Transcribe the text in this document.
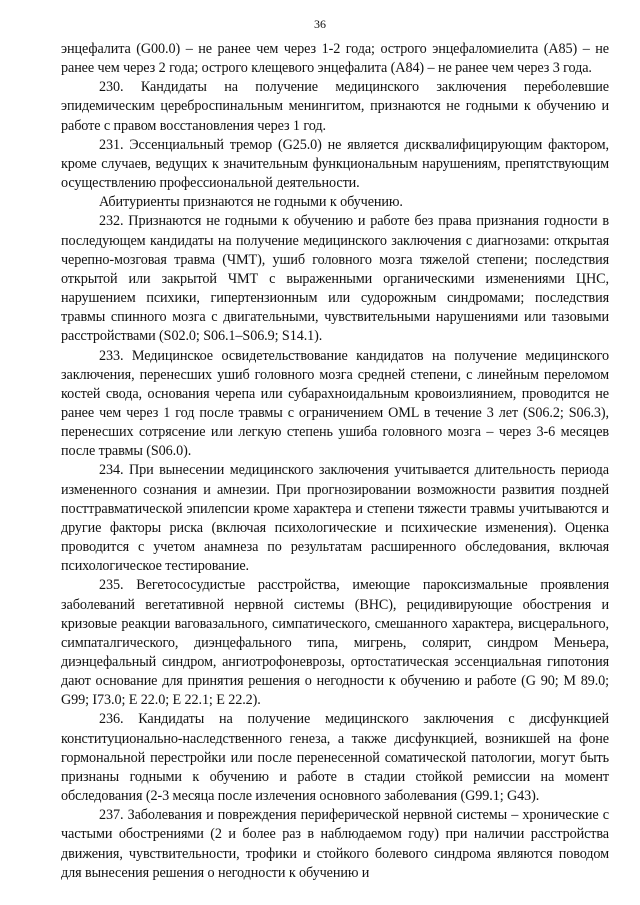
36

энцефалита (G00.0) – не ранее чем через 1-2 года; острого энцефаломиелита (A85) – не ранее чем через 2 года; острого клещевого энцефалита (A84) – не ранее чем через 3 года.

230. Кандидаты на получение медицинского заключения переболевшие эпидемическим цереброспинальным менингитом, признаются не годными к обучению и работе с правом восстановления через 1 год.

231. Эссенциальный тремор (G25.0) не является дисквалифицирующим фактором, кроме случаев, ведущих к значительным функциональным нарушениям, препятствующим осуществлению профессиональной деятельности.

Абитуриенты признаются не годными к обучению.

232. Признаются не годными к обучению и работе без права признания годности в последующем кандидаты на получение медицинского заключения с диагнозами: открытая черепно-мозговая травма (ЧМТ), ушиб головного мозга тяжелой степени; последствия открытой или закрытой ЧМТ с выраженными органическими изменениями ЦНС, нарушением психики, гипертензионным или судорожным синдромами; последствия травмы спинного мозга с двигательными, чувствительными нарушениями или тазовыми расстройствами (S02.0; S06.1–S06.9; S14.1).

233. Медицинское освидетельствование кандидатов на получение медицинского заключения, перенесших ушиб головного мозга средней степени, с линейным переломом костей свода, основания черепа или субарахноидальным кровоизлиянием, проводится не ранее чем через 1 год после травмы с ограничением OML в течение 3 лет (S06.2; S06.3), перенесших сотрясение или легкую степень ушиба головного мозга – через 3-6 месяцев после травмы (S06.0).

234. При вынесении медицинского заключения учитывается длительность периода измененного сознания и амнезии. При прогнозировании возможности развития поздней посттравматической эпилепсии кроме характера и степени тяжести травмы учитываются и другие факторы риска (включая психологические и психические изменения). Оценка проводится с учетом анамнеза по результатам расширенного обследования, включая психологическое тестирование.

235. Вегетососудистые расстройства, имеющие пароксизмальные проявления заболеваний вегетативной нервной системы (ВНС), рецидивирующие обострения и кризовые реакции ваговазального, симпатического, смешанного характера, висцерального, симпаталгического, диэнцефального типа, мигрень, солярит, синдром Меньера, диэнцефальный синдром, ангиотрофоневрозы, ортостатическая эссенциальная гипотония дают основание для принятия решения о негодности к обучению и работе (G 90; M 89.0; G99; I73.0; E 22.0; E 22.1; E 22.2).

236. Кандидаты на получение медицинского заключения с дисфункцией конституционально-наследственного генеза, а также дисфункцией, возникшей на фоне гормональной перестройки или после перенесенной соматической патологии, могут быть признаны годными к обучению и работе в стадии стойкой ремиссии на момент обследования (2-3 месяца после излечения основного заболевания (G99.1; G43).

237. Заболевания и повреждения периферической нервной системы – хронические с частыми обострениями (2 и более раз в наблюдаемом году) при наличии расстройства движения, чувствительности, трофики и стойкого болевого синдрома являются поводом для вынесения решения о негодности к обучению и
